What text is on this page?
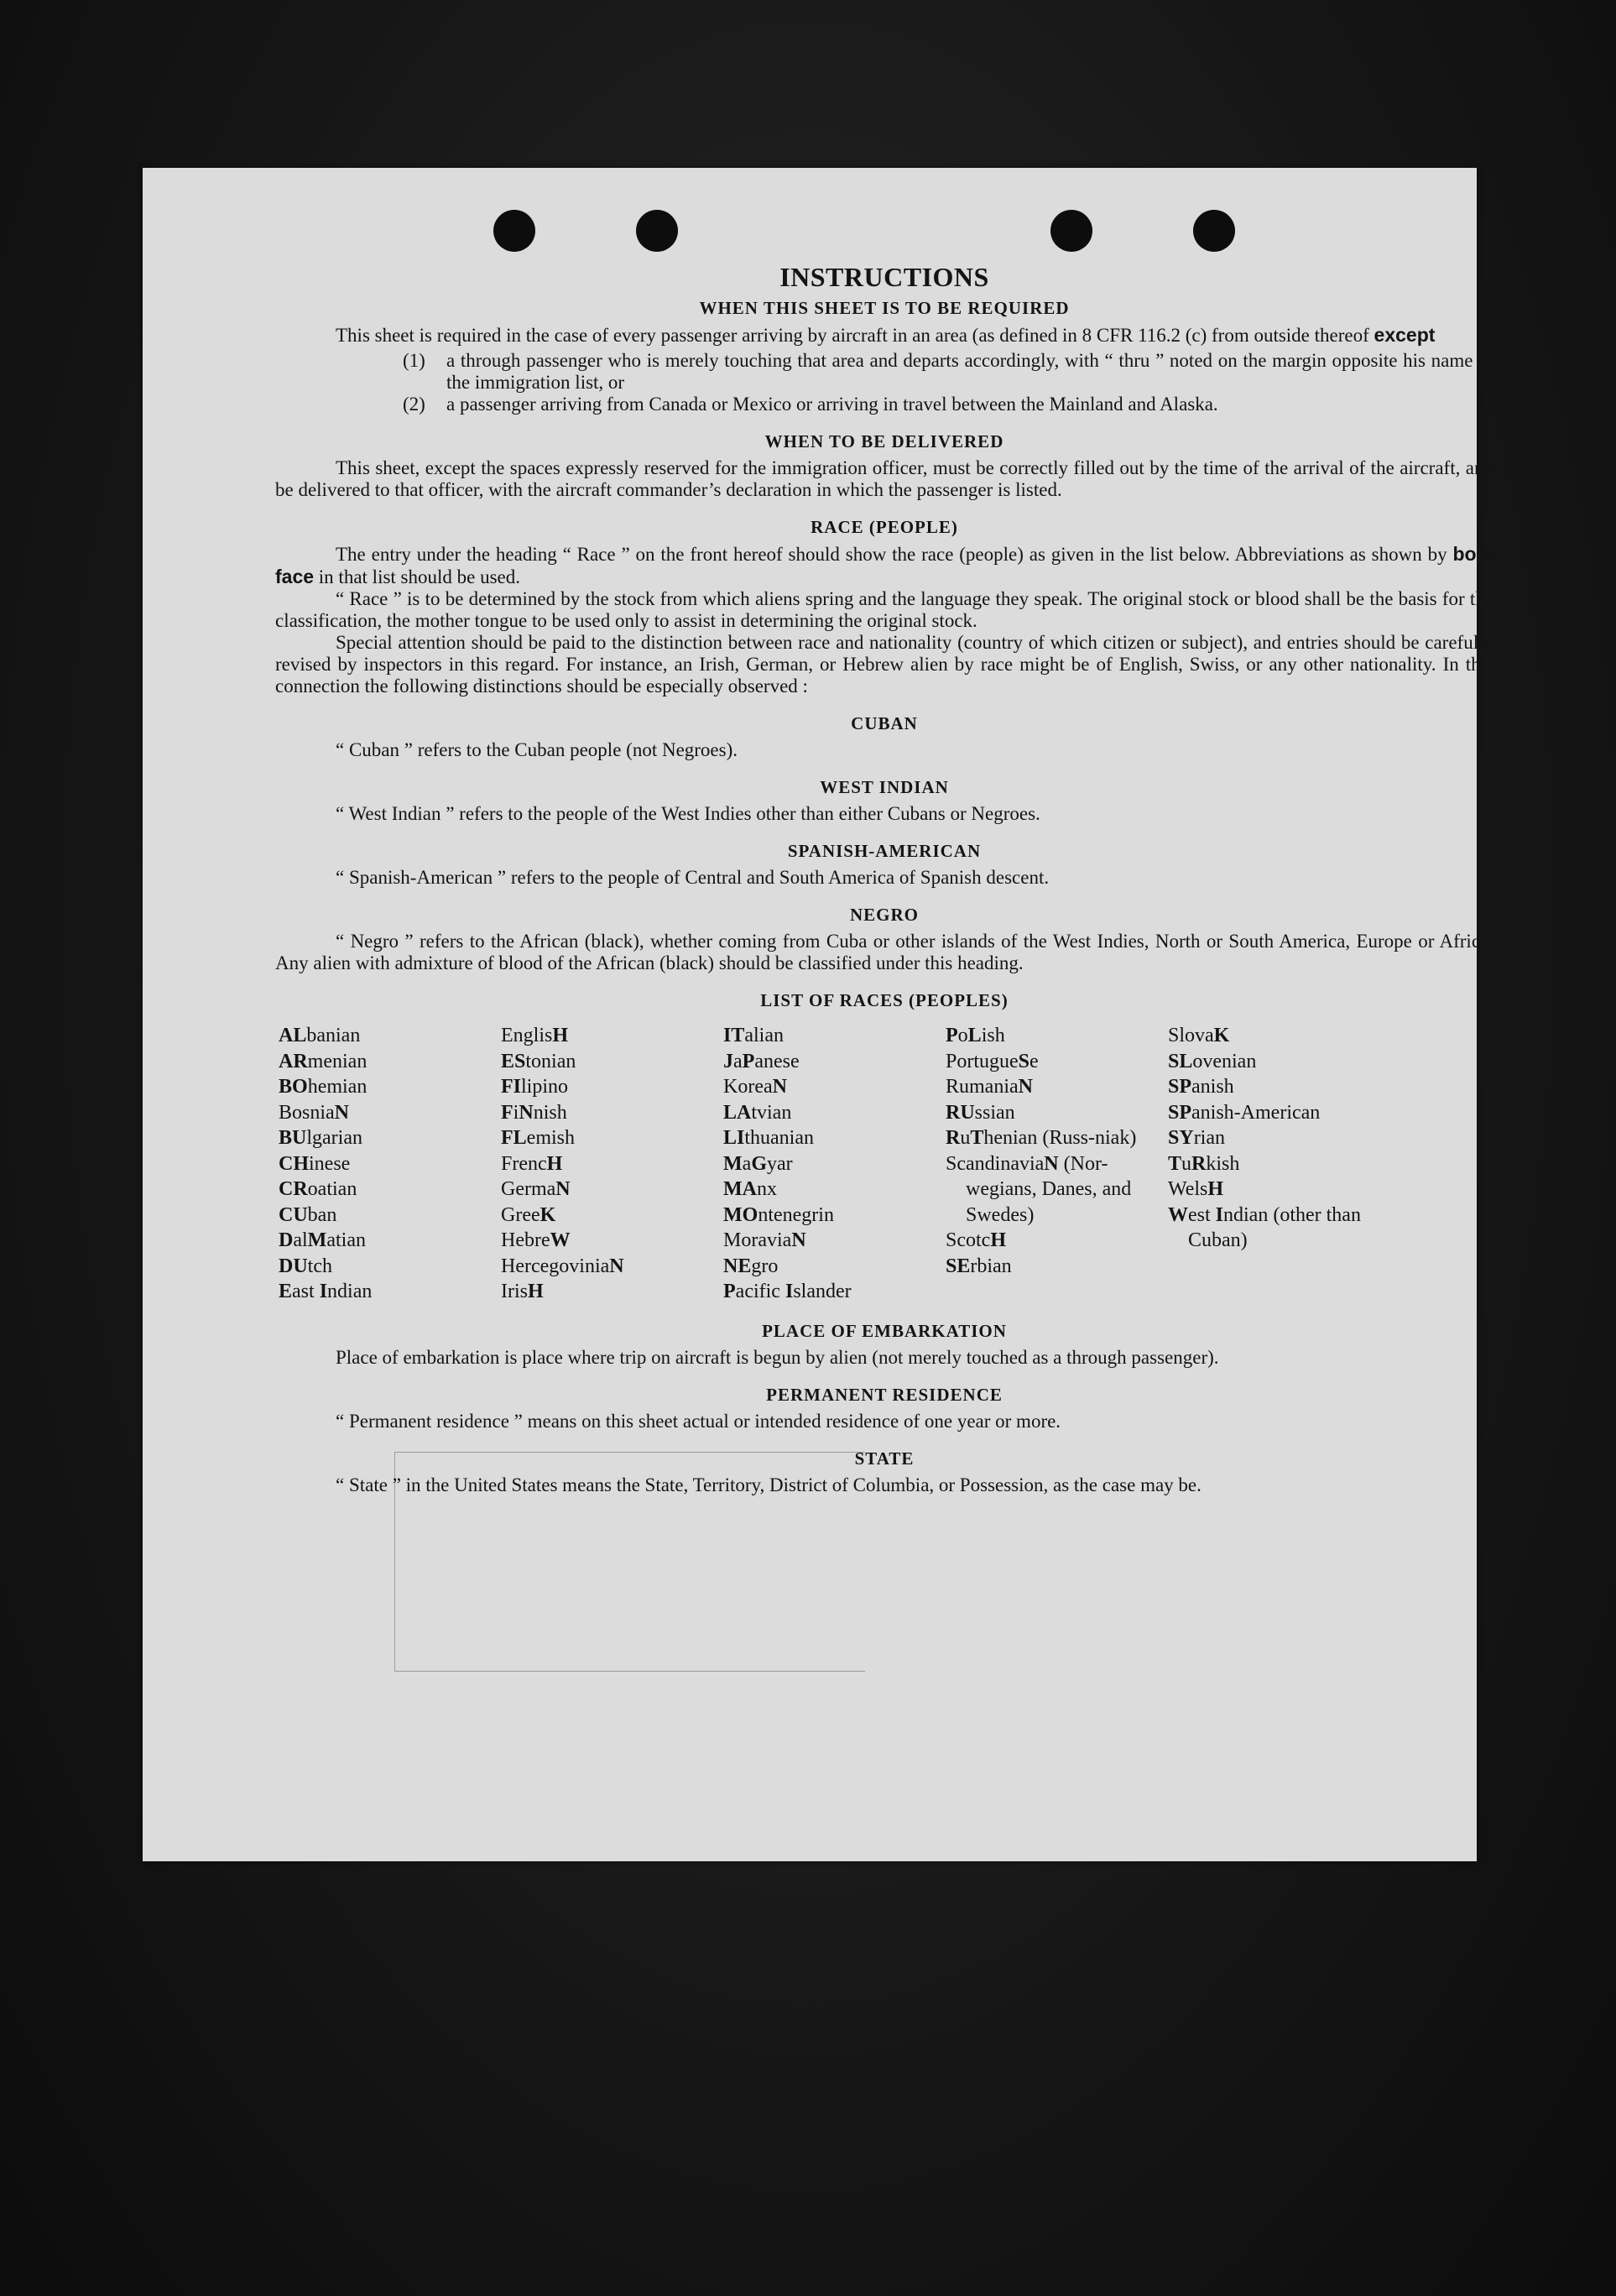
INSTRUCTIONS
WHEN THIS SHEET IS TO BE REQUIRED

This sheet is required in the case of every passenger arriving by aircraft in an area (as defined in 8 CFR 116.2 (c) from outside thereof except

(1) a through passenger who is merely touching that area and departs accordingly, with “ thru ” noted on the margin opposite his name in the immigration list, or
(2) a passenger arriving from Canada or Mexico or arriving in travel between the Mainland and Alaska.
WHEN TO BE DELIVERED

This sheet, except the spaces expressly reserved for the immigration officer, must be correctly filled out by the time of the arrival of the aircraft, and be delivered to that officer, with the aircraft commander’s declaration in which the passenger is listed.

RACE (PEOPLE)

The entry under the heading “ Race ” on the front hereof should show the race (people) as given in the list below. Abbreviations as shown by bold face in that list should be used.

“ Race ” is to be determined by the stock from which aliens spring and the language they speak. The original stock or blood shall be the basis for the classification, the mother tongue to be used only to assist in determining the original stock.

Special attention should be paid to the distinction between race and nationality (country of which citizen or subject), and entries should be carefully revised by inspectors in this regard. For instance, an Irish, German, or Hebrew alien by race might be of English, Swiss, or any other nationality. In this connection the following distinctions should be especially observed :

CUBAN

“ Cuban ” refers to the Cuban people (not Negroes).

WEST INDIAN

“ West Indian ” refers to the people of the West Indies other than either Cubans or Negroes.

SPANISH-AMERICAN

“ Spanish-American ” refers to the people of Central and South America of Spanish descent.

NEGRO

“ Negro ” refers to the African (black), whether coming from Cuba or other islands of the West Indies, North or South America, Europe or Africa. Any alien with admixture of blood of the African (black) should be classified under this heading.

LIST OF RACES (PEOPLES)
ALbanian
ARmenian
BOhemian
BosniaN
BUlgarian
CHinese
CRoatian
CUban
DalMatian
DUtch
East Indian
EnglisH
EStonian
FIlipino
FiNnish
FLemish
FrencH
GermaN
GreeK
HebreW
HercegoviniaN
IrisH
ITalian
JaPanese
KoreaN
LAtvian
LIthuanian
MaGyar
MAnx
MOntenegrin
MoraviaN
NEgro
Pacific Islander
PoLish
PortugueSe
RumaniaN
RUssian
RuThenian (Russ-niak)
ScandinaviaN (Nor-wegians, Danes, and Swedes)
ScotcH
SErbian
SlovaK
SLovenian
SPanish
SPanish-American
SYrian
TuRkish
WelsH
West Indian (other than Cuban)
PLACE OF EMBARKATION

Place of embarkation is place where trip on aircraft is begun by alien (not merely touched as a through passenger).

PERMANENT RESIDENCE

“ Permanent residence ” means on this sheet actual or intended residence of one year or more.

STATE

“ State ” in the United States means the State, Territory, District of Columbia, or Possession, as the case may be.
